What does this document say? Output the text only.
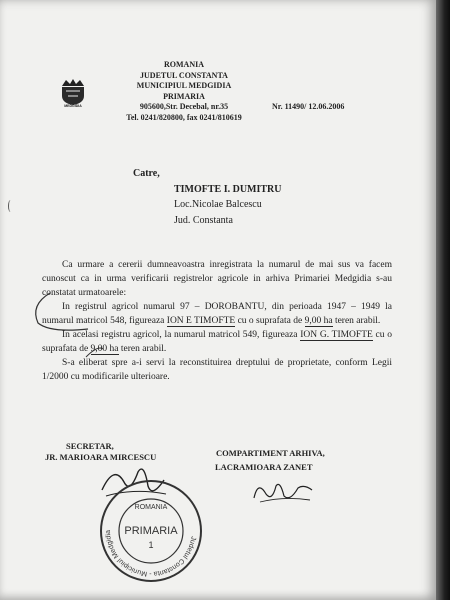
MEDGIDIA
ROMANIA
JUDETUL CONSTANTA
MUNICIPIUL MEDGIDIA
PRIMARIA
905600,Str. Decebal, nr.35
Tel. 0241/820800, fax 0241/810619
Nr. 11490/ 12.06.2006
Catre,
TIMOFTE I. DUMITRU
Loc.Nicolae Balcescu
Jud. Constanta

Ca urmare a cererii dumneavoastra inregistrata la numarul de mai sus va facem cunoscut ca in urma verificarii registrelor agricole in arhiva Primariei Medgidia s-au constatat urmatoarele:

In registrul agricol numarul 97 – DOROBANTU, din perioada 1947 – 1949 la numarul matricol 548, figureaza ION E TIMOFTE cu o suprafata de 9,00 ha teren arabil.

In acelasi registru agricol, la numarul matricol 549, figureaza ION G. TIMOFTE cu o suprafata de 9,00 ha teren arabil.

S-a eliberat spre a-i servi la reconstituirea dreptului de proprietate, conform Legii 1/2000 cu modificarile ulterioare.

SECRETAR,
JR. MARIOARA MIRCESCU	COMPARTIMENT ARHIVA,
LACRAMIOARA ZANET
Judetul Constanta - Municipiul Medgidia
ROMANIA
PRIMARIA
1
